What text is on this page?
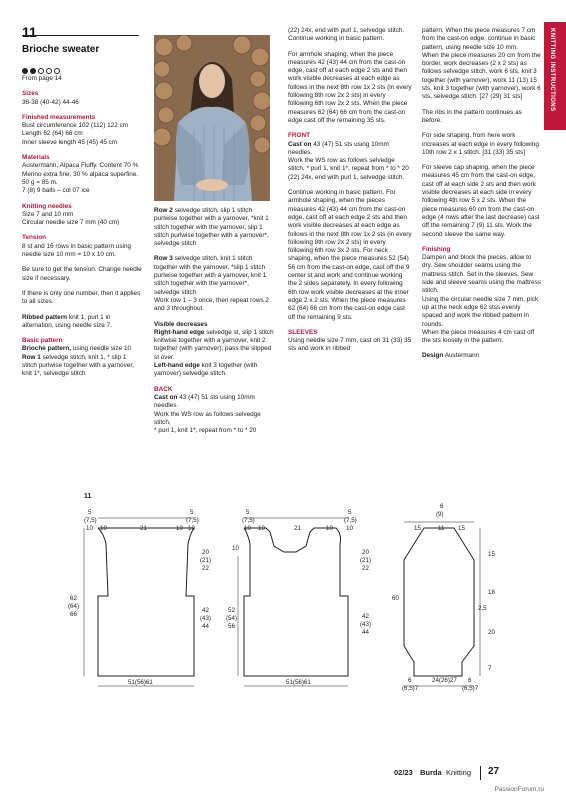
11
Brioche sweater	KNITTING INSTRUCTIONS

From page 14

Sizes

36-38 (40-42) 44-46

Finished measurements

Bust circumference 102 (112) 122 cm
Length 62 (64) 66 cm
Inner sleeve length 45 (45) 45 cm

Materials

Austermann, Alpaca Fluffy. Content 70 % Merino extra fine, 30 % alpaca superfine. 50 g = 85 m.
7 (8) 9 balls – col 07 ice

Knitting needles

Size 7 and 10 mm
Circular needle size 7 mm (40 cm)

Tension

8 st and 16 rows in basic pattern using needle size 10 mm = 10 x 10 cm.

Be sure to get the tension. Change needle size if necessary.

If there is only one number, then it applies to all sizes.

Ribbed pattern knit 1, purl 1 in alternation, using needle size 7.

Basic pattern

Brioche pattern, using needle size 10

Row 1 selvedge stitch, knit 1, * slip 1 stitch purlwise together with a yarnover, knit 1*, selvedge stitch

Row 2 selvedge stitch, slip 1 stitch purlwise together with a yarnover, *knit 1 stitch together with the yarnover, slip 1 stitch purlwise together with a yarnover*, selvedge stitch

Row 3 selvedge stitch, knit 1 stitch together with the yarnover, *slip 1 stitch purlwise together with a yarnover, knit 1 stitch together with the yarnover*, selvedge stitch

Work row 1 – 3 once, then repeat rows 2 and 3 throughout.

Visible decreases

Right-hand edge selvedge st, slip 1 stitch knitwise together with a yarnover, knit 2 together (with yarnover), pass the slipped st over.

Left-hand edge knit 3 together (with yarnover) selvedge stitch.

BACK

Cast on 43 (47) 51 sts using 10mm needles.

Work the WS row as follows selvedge stitch,

* purl 1, knit 1*, repeat from * to * 20

(22) 24x, end with purl 1, selvedge stitch.

Continue working in basic pattern.

For armhole shaping, when the piece measures 42 (43) 44 cm from the cast-on edge, cast off at each edge 2 sts and then work visible decreases at each edge as follows in the next 8th row 1x 2 sts (in every following 8th row 2x 2 sts) in every following 6th row 2x 2 sts. When the piece measures 62 (64) 66 cm from the cast-on edge cast off the remaining 35 sts.

FRONT

Cast on 43 (47) 51 sts using 10mm needles.

Work the WS row as follows selvedge stitch, * purl 1, knit 1*, repeat from * to * 20 (22) 24x, end with purl 1, selvedge stitch.

Continue working in basic pattern. For armhole shaping, when the pieces measures 42 (43) 44 cm from the cast-on edge, cast off at each edge 2 sts and then work visible decreases at each edge as follows in the next 8th row 1x 2 sts (in every following 8th row 2x 2 sts) in every following 6th row 3x 2 sts. For neck shaping, when the piece measures 52 (54) 56 cm from the cast-on edge, cast off the 9 center st and work and continue working the 2 sides separately. In every following 6th row work visible decreases at the inner edge 2 x 2 sts. When the piece measures 62 (64) 66 cm from the cast-on edge cast off the remaining 9 sts.

SLEEVES

Using needle size 7 mm, cast on 31 (33) 35 sts and work in ribbed

pattern. When the piece measures 7 cm from the cast-on edge, continue in basic pattern, using needle size 10 mm.

When the piece measures 20 cm from the border, work decreases (2 x 2 sts) as follows selvedge stitch, work 6 sts, knit 3 together (with yarnover), work 11 (13) 15 sts, knit 3 together (with yarnover), work 6 sts, selvedge stitch. [27 (29) 31 sts]

The ribs in the pattern continues as before.

For side shaping, from here work increases at each edge in every following 10th row 2 x 1 stitch. [31 (33) 35 sts]

For sleeve cap shaping, when the piece measures 45 cm from the cast-on edge, cast off at each side 2 sts and then work visible decreases at each side in every following 4th row 5 x 2 sts. When the piece measures 60 cm from the cast-on edge (4 rows after the last decrease) cast off the remaining 7 (9) 11 sts. Work the second sleeve the same way.

Finishing

Dampen and block the pieces, allow to dry. Sew shoulder seams using the mattress stitch. Set in the sleeves. Sew side and sleeve seams using the mattress stitch.
Using the circular needle size 7 mm, pick up at the neck edge 62 stss evenly spaced and work the ribbed pattern in rounds.
When the piece measures 4 cm cast off the sts loosely in the pattern.

Design Austermann

11
5
(7,5)
10 10	21	10
5
(7,5)
10
20
(21)
22
42
(43)
44
62
(64)
66
51(56)61
5
(7,5)
10 10	21	10
5
(7,5)
10
10
20
(21)
22
42
(43)
44
52
(54)
56
51(56)61
6
(9)
11
15	15
15
18
2,5
20
7
60
6
(6,5)7
24(26)27 6
(6,5)7
02/23 Burda Knitting 27
PassionForum.ru
